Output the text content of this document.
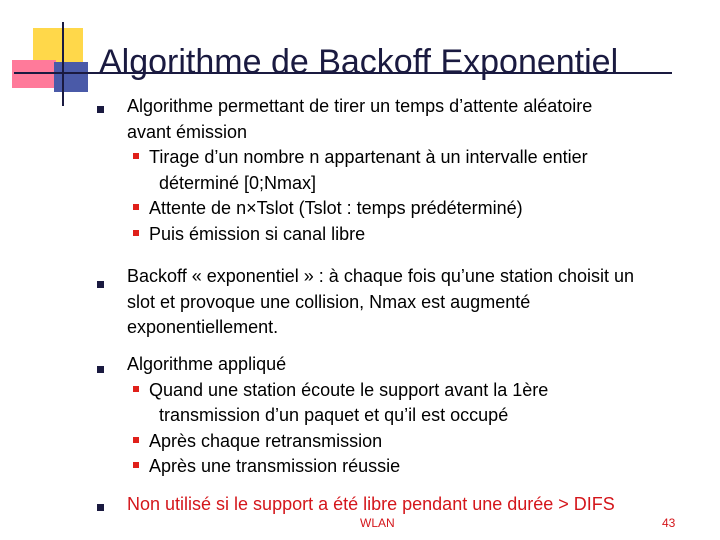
Algorithme de Backoff Exponentiel
Algorithme permettant de tirer un temps d’attente aléatoire
avant émission
Tirage d’un nombre n appartenant à un intervalle entier
déterminé [0;Nmax]
Attente de n×Tslot (Tslot : temps prédéterminé)
Puis émission si canal libre
Backoff « exponentiel » : à chaque fois qu’une station choisit un
slot et provoque une collision, Nmax est augmenté
exponentiellement.
Algorithme appliqué
Quand une station écoute le support avant la 1ère
transmission d’un paquet et qu’il est occupé
Après chaque retransmission
Après une transmission réussie
Non utilisé si le support a été libre pendant une durée > DIFS
WLAN	43
